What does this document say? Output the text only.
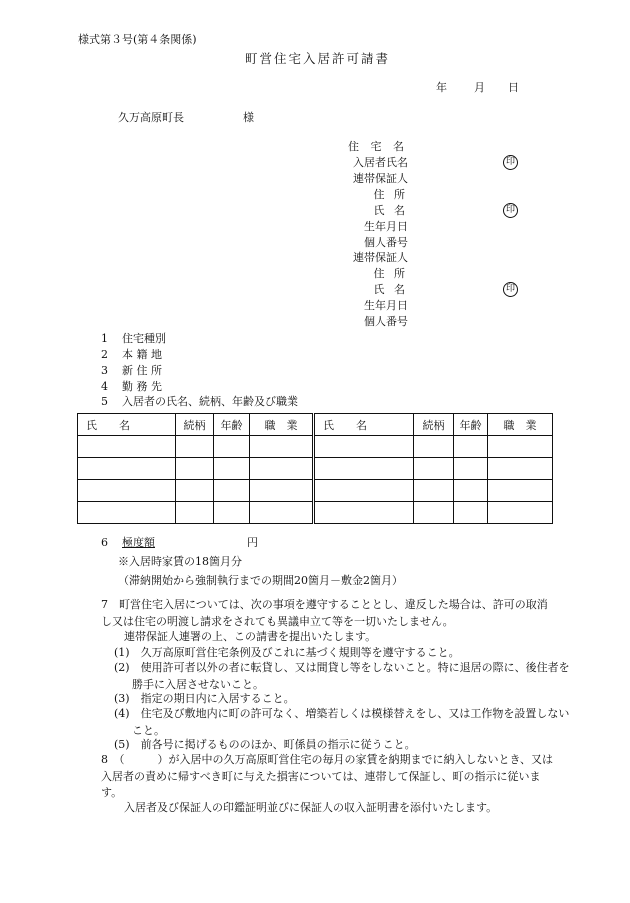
様式第３号(第４条関係)
町営住宅入居許可請書
年 月 日
久万高原町長	様
住 宅 名
入居者氏名	印
連帯保証人
住 所
氏 名	印
生年月日
個人番号
連帯保証人
住 所
氏 名	印
生年月日
個人番号
1 住宅種別
2 本 籍 地
3 新 住 所
4 勤 務 先
5 入居者の氏名、続柄、年齢及び職業
氏　　名	続柄	年齢	職　業	氏　　名	続柄	年齢	職　業

6 極度額	円
※入居時家賃の18箇月分
（滞納開始から強制執行までの期間20箇月－敷金2箇月）

7　町営住宅入居については、次の事項を遵守することとし、違反した場合は、許可の取消し又は住宅の明渡し請求をされても異議申立て等を一切いたしません。

連帯保証人連署の上、この請書を提出いたします。
(1)　久万高原町営住宅条例及びこれに基づく規則等を遵守すること。

(2)　使用許可者以外の者に転貸し、又は間貸し等をしないこと。特に退居の際に、後住者を勝手に入居させないこと。

(3)　指定の期日内に入居すること。

(4)　住宅及び敷地内に町の許可なく、増築若しくは模様替えをし、又は工作物を設置しないこと。

(5)　前各号に掲げるもののほか、町係員の指示に従うこと。

8　（　　　）が入居中の久万高原町営住宅の毎月の家賃を納期までに納入しないとき、又は入居者の責めに帰すべき町に与えた損害については、連帯して保証し、町の指示に従います。

入居者及び保証人の印鑑証明並びに保証人の収入証明書を添付いたします。
